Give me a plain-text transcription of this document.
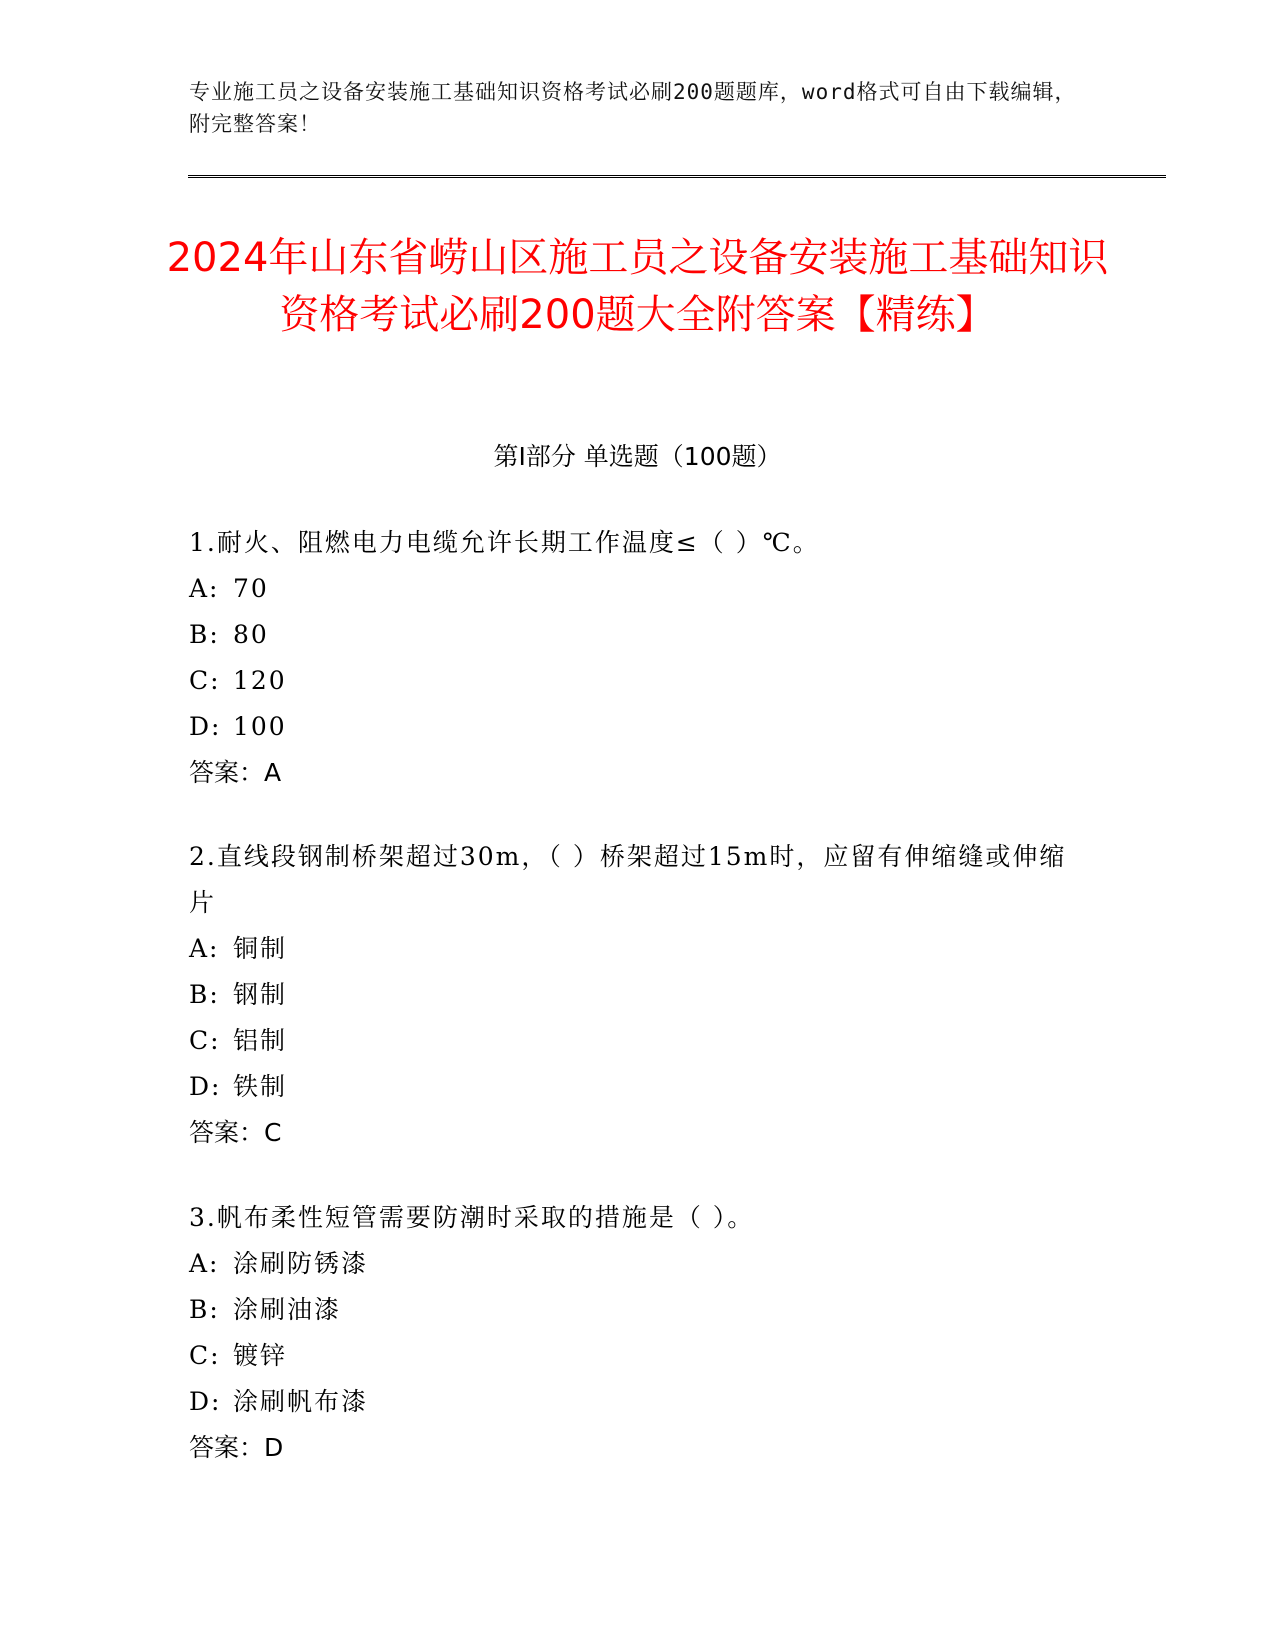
专业施工员之设备安装施工基础知识资格考试必刷200题题库，word格式可自由下载编辑，附完整答案！
2024年山东省崂山区施工员之设备安装施工基础知识资格考试必刷200题大全附答案【精练】
第Ⅰ部分 单选题（100题）
1.耐火、阻燃电力电缆允许长期工作温度≤（ ）℃。
A: 70
B: 80
C: 120
D: 100
答案：A
2.直线段钢制桥架超过30m，（ ）桥架超过15m时，应留有伸缩缝或伸缩片
A: 铜制
B: 钢制
C: 铝制
D: 铁制
答案：C
3.帆布柔性短管需要防潮时采取的措施是（ ）。
A: 涂刷防锈漆
B: 涂刷油漆
C: 镀锌
D: 涂刷帆布漆
答案：D
